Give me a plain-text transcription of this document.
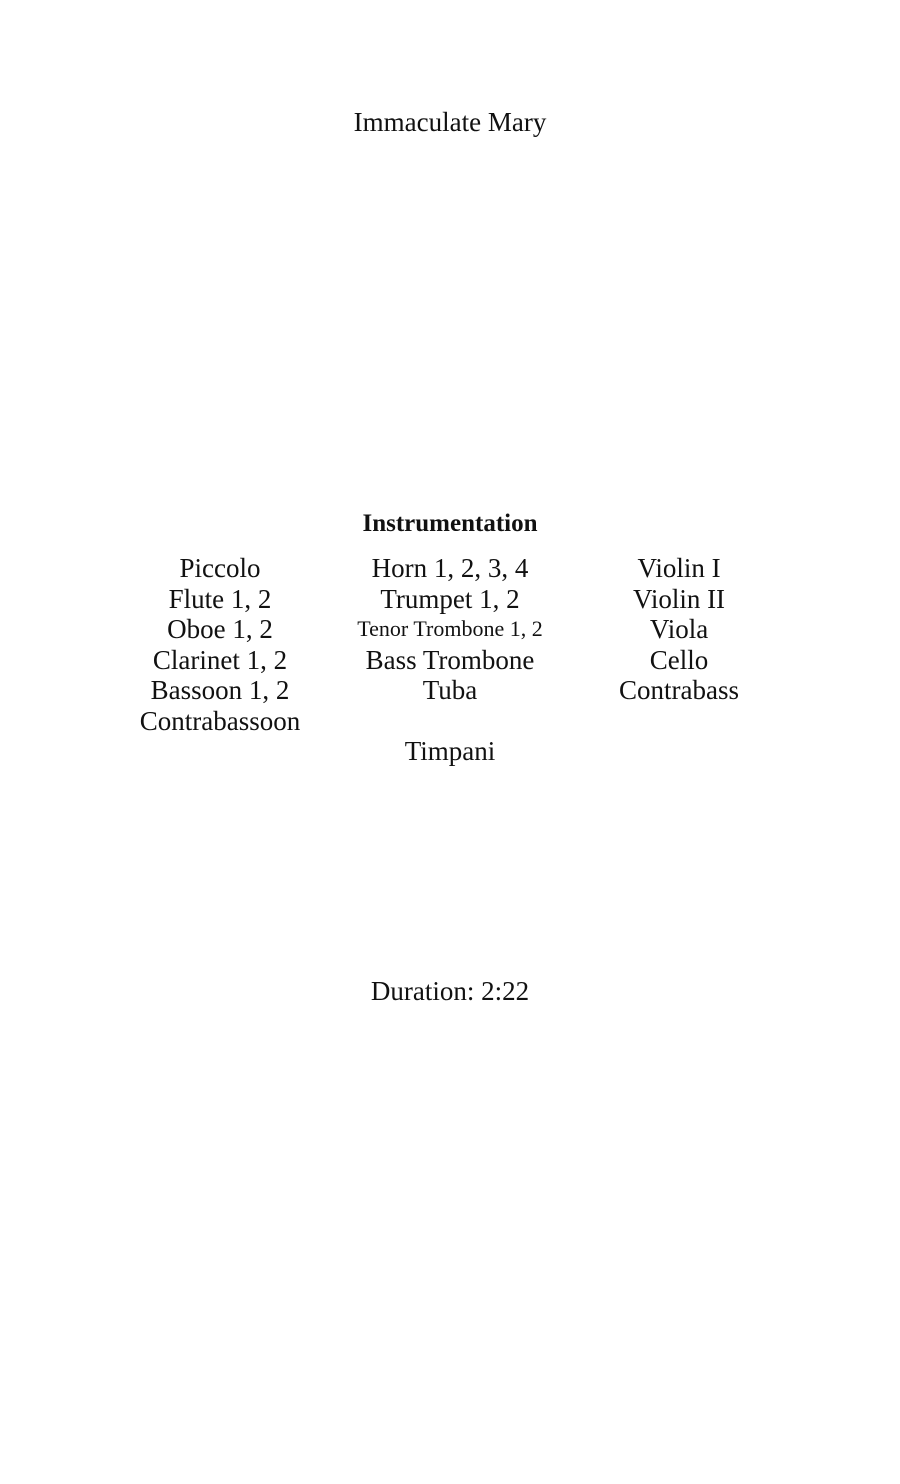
Immaculate Mary
Instrumentation
Piccolo
Flute 1, 2
Oboe 1, 2
Clarinet 1, 2
Bassoon 1, 2
Contrabassoon
Horn 1, 2, 3, 4
Trumpet 1, 2
Tenor Trombone 1, 2
Bass Trombone
Tuba
Timpani
Violin I
Violin II
Viola
Cello
Contrabass
Duration: 2:22
